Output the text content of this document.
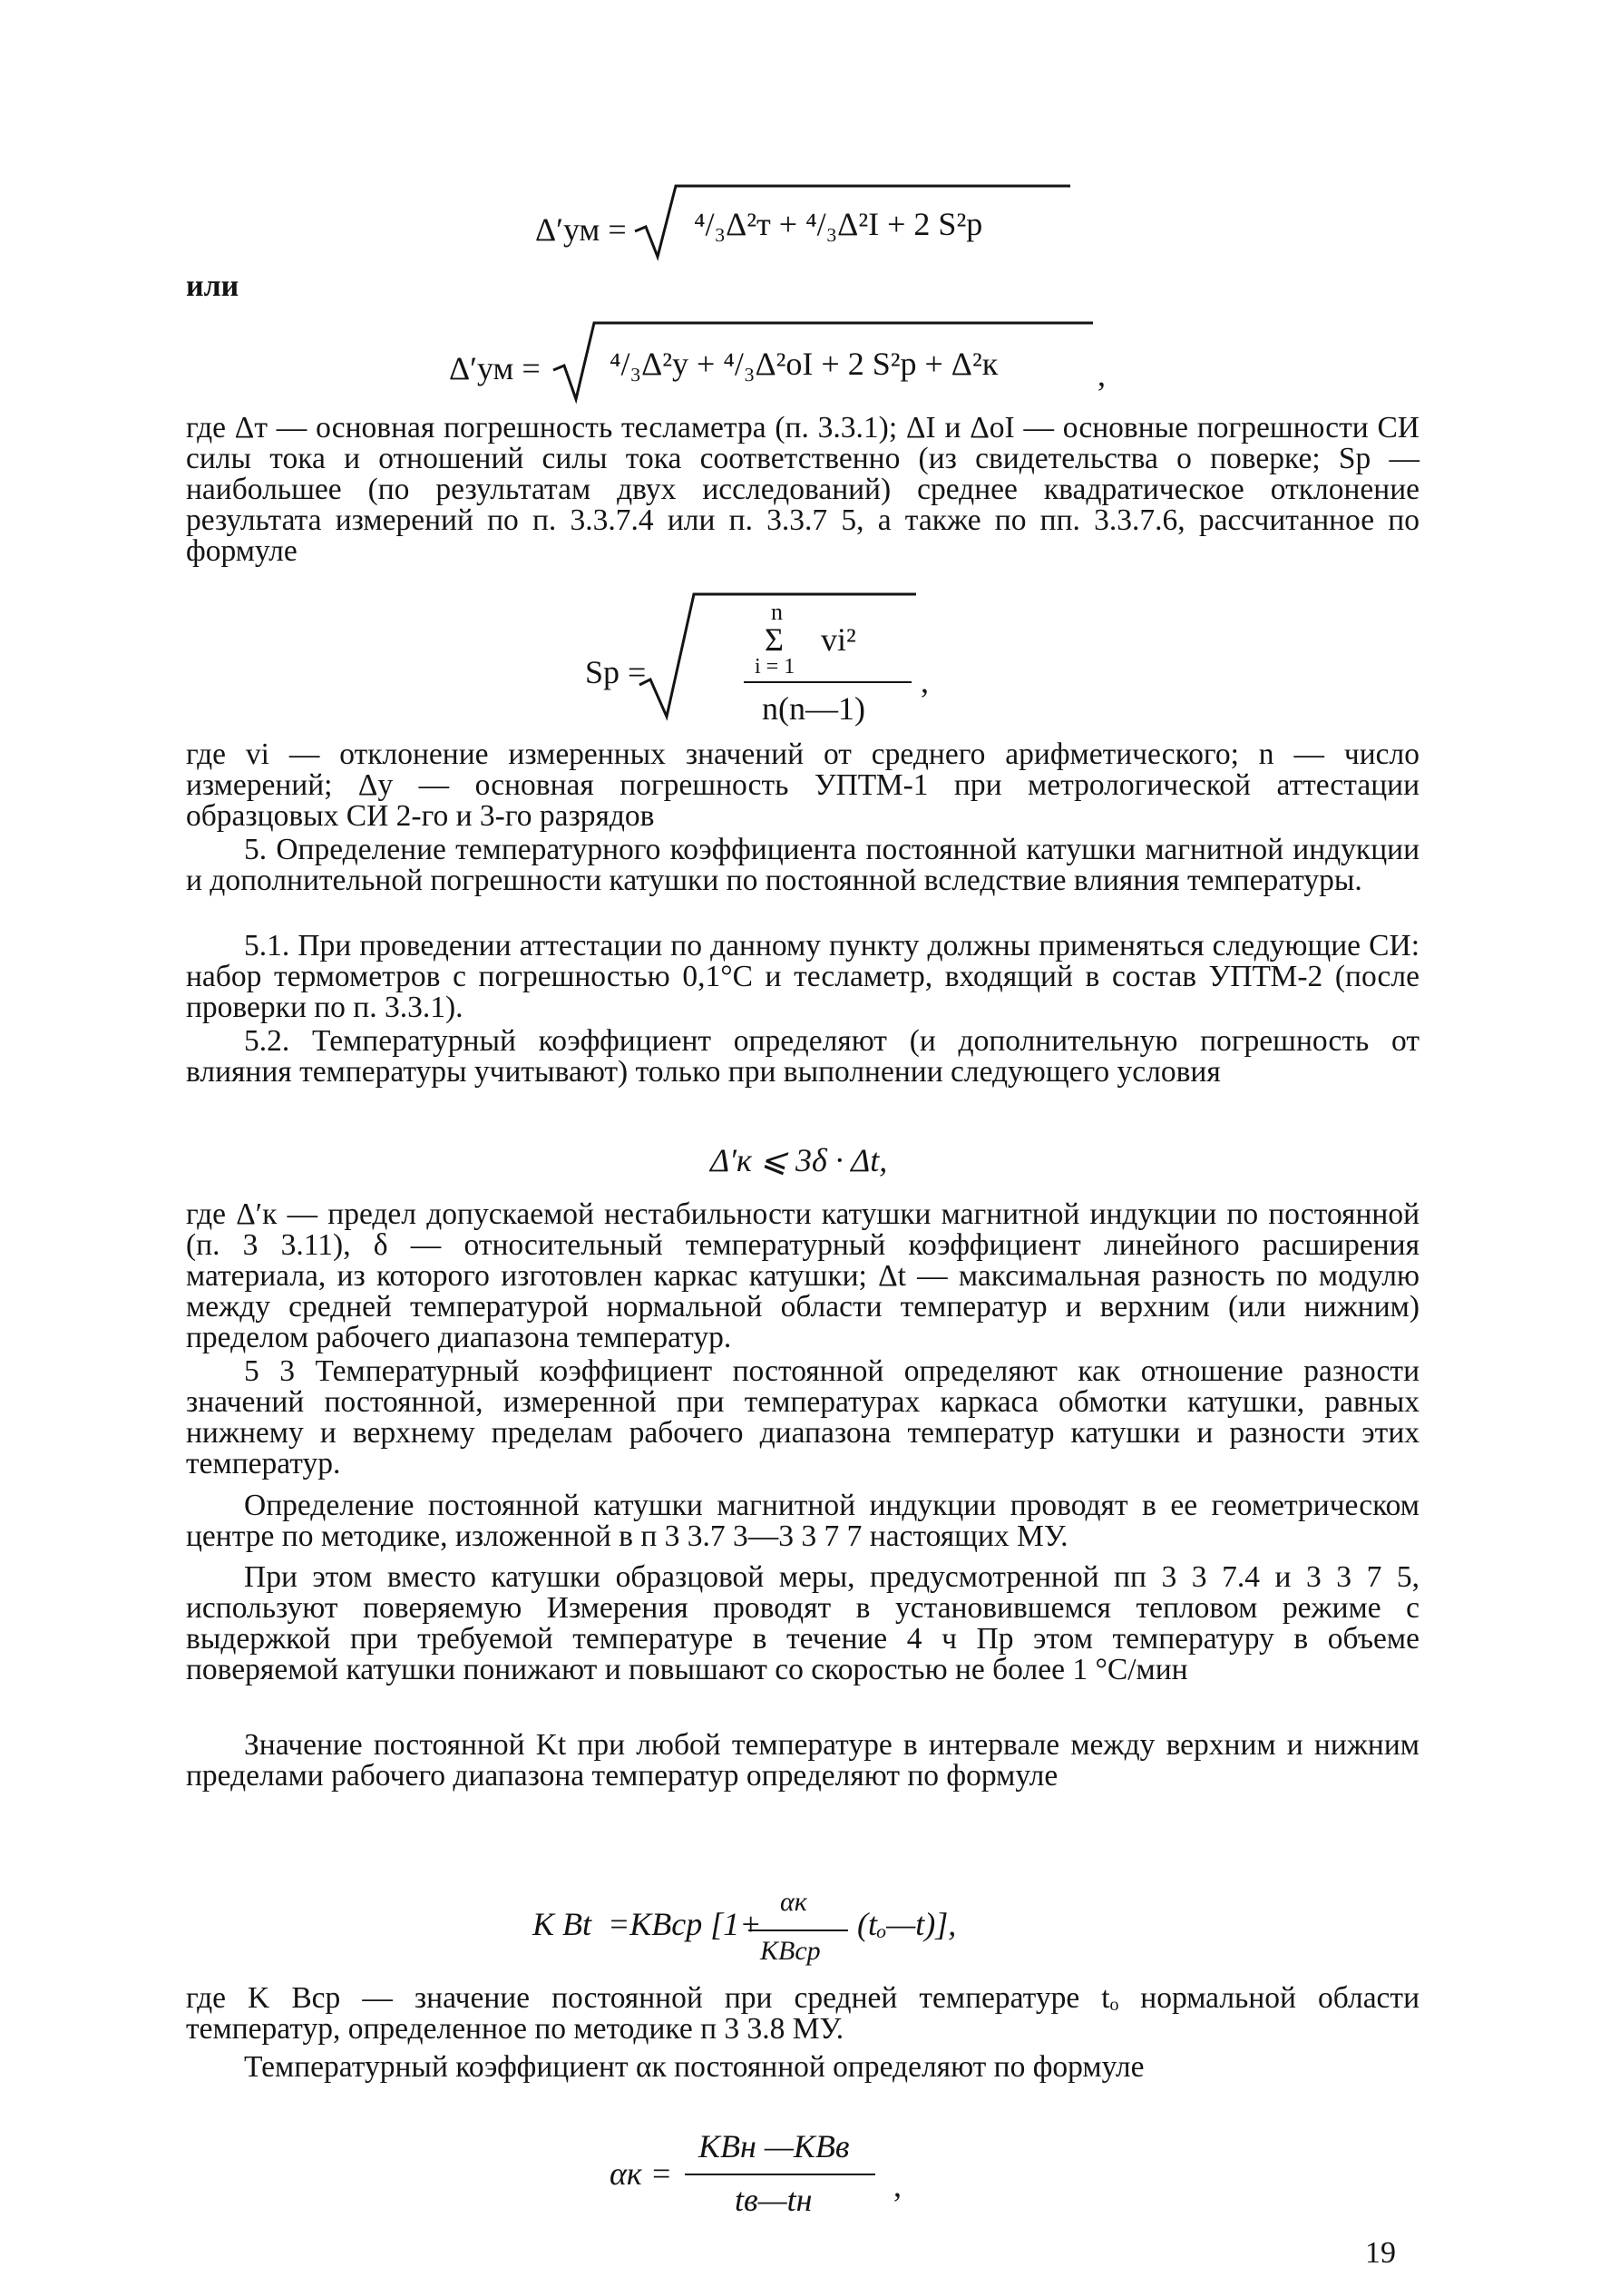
Δ′ум = ⁴/₃Δ²т + ⁴/₃Δ²I + 2 S²р
или
Δ′ум = ⁴/₃Δ²у + ⁴/₃Δ²оI + 2 S²р + Δ²к	,
где Δт — основная погрешность тесламетра (п. 3.3.1); ΔI и ΔоI — основные погрешности СИ силы тока и отношений силы тока соответственно (из свидетельства о поверке; Sр — наибольшее (по результатам двух исследований) среднее квадратическое отклонение результата измерений по п. 3.3.7.4 или п. 3.3.7 5, а также по пп. 3.3.7.6, рассчитанное по формуле
Sр =
n
Σ vi²
i = 1
n(n—1)
,
где vi — отклонение измеренных значений от среднего арифметического; n — число измерений; Δу — основная погрешность УПТМ-1 при метрологической аттестации образцовых СИ 2-го и 3-го разрядов
5. Определение температурного коэффициента постоянной катушки магнитной индукции и дополнительной погрешности катушки по постоянной вследствие влияния температуры.
5.1. При проведении аттестации по данному пункту должны применяться следующие СИ: набор термометров с погрешностью 0,1°С и тесламетр, входящий в состав УПТМ-2 (после проверки по п. 3.3.1).
5.2. Температурный коэффициент определяют (и дополнительную погрешность от влияния температуры учитывают) только при выполнении следующего условия
Δ′к ⩽ 3δ · Δt,
где Δ′к — предел допускаемой нестабильности катушки магнитной индукции по постоянной (п. 3 3.11), δ — относительный температурный коэффициент линейного расширения материала, из которого изготовлен каркас катушки; Δt — максимальная разность по модулю между средней температурой нормальной области температур и верхним (или нижним) пределом рабочего диапазона температур.
5 3 Температурный коэффициент постоянной определяют как отношение разности значений постоянной, измеренной при температурах каркаса обмотки катушки, равных нижнему и верхнему пределам рабочего диапазона температур катушки и разности этих температур.
Определение постоянной катушки магнитной индукции проводят в ее геометрическом центре по методике, изложенной в п 3 3.7 3—3 3 7 7 настоящих МУ.
При этом вместо катушки образцовой меры, предусмотренной пп 3 3 7.4 и 3 3 7 5, используют поверяемую Измерения проводят в установившемся тепловом режиме с выдержкой при требуемой температуре в течение 4 ч Пр этом температуру в объеме поверяемой катушки понижают и повышают со скоростью не более 1 °С/мин
Значение постоянной Kt при любой температуре в интервале между верхним и нижним пределами рабочего диапазона температур определяют по формуле
K Bt =KBср [1+
αк
KBср
(tₒ—t)],
где K Bср — значение постоянной при средней температуре tₒ нормальной области температур, определенное по методике п 3 3.8 МУ.
Температурный коэффициент αк постоянной определяют по формуле
αк =
KBн —KBв
tв—tн ,
19
